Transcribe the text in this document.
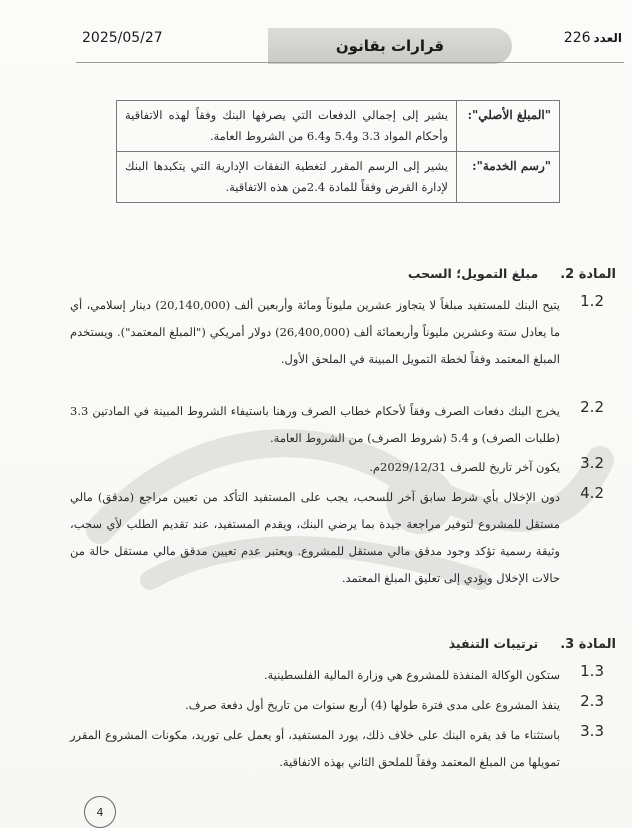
2025/05/27	قرارات بقانون	العدد
226
"المبلغ الأصلي":	يشير إلى إجمالي الدفعات التي يصرفها البنك وفقاً لهذه الاتفاقية وأحكام المواد 3.3 و5.4 و6.4 من الشروط العامة.
"رسم الخدمة":	يشير إلى الرسم المقرر لتغطية النفقات الإدارية التي يتكبدها البنك لإدارة القرض وفقاً للمادة 2.4من هذه الاتفاقية.
المادة 2.
مبلغ التمويل؛ السحب
1.2
يتيح البنك للمستفيد مبلغاً لا يتجاوز عشرين مليوناً ومائة وأربعين ألف (20,140,000) دينار إسلامي، أي ما يعادل ستة وعشرين مليوناً وأربعمائة ألف (26,400,000) دولار أمريكي ("المبلغ المعتمد"). ويستخدم المبلغ المعتمد وفقاً لخطة التمويل المبينة في الملحق الأول.
2.2
يخرج البنك دفعات الصرف وفقاً لأحكام خطاب الصرف ورهنا باستيفاء الشروط المبينة في المادتين 3.3 (طلبات الصرف) و 5.4 (شروط الصرف) من الشروط العامة.
3.2
يكون آخر تاريخ للصرف 2029/12/31م.
4.2
دون الإخلال بأي شرط سابق آخر للسحب، يجب على المستفيد التأكد من تعيين مراجع (مدقق) مالي مستقل للمشروع لتوفير مراجعة جيدة بما يرضي البنك، ويقدم المستفيد، عند تقديم الطلب لأي سحب، وثيقة رسمية تؤكد وجود مدقق مالي مستقل للمشروع. ويعتبر عدم تعيين مدقق مالي مستقل حالة من حالات الإخلال ويؤدي إلى تعليق المبلغ المعتمد.
المادة 3.
ترتيبات التنفيذ
1.3
ستكون الوكالة المنفذة للمشروع هي وزارة المالية الفلسطينية.
2.3
ينفذ المشروع على مدى فترة طولها (4) أربع سنوات من تاريخ أول دفعة صرف.
3.3
باستثناء ما قد يقره البنك على خلاف ذلك، يورد المستفيد، أو يعمل على توريد، مكونات المشروع المقرر تمويلها من المبلغ المعتمد وفقاً للملحق الثاني بهذه الاتفاقية.
4
